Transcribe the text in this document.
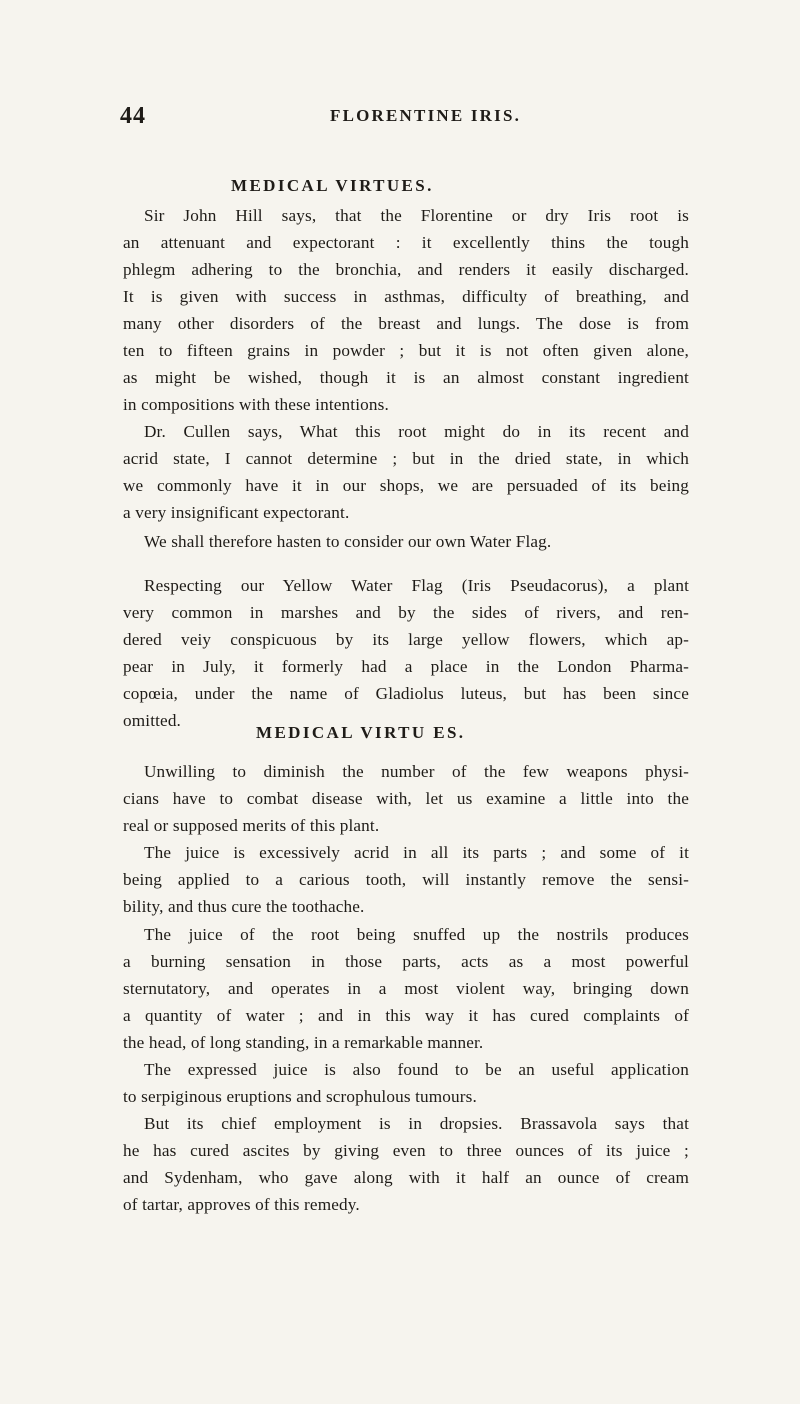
44	FLORENTINE IRIS.
MEDICAL VIRTUES.
Sir John Hill says, that the Florentine or dry Iris root is
an attenuant and expectorant : it excellently thins the tough
phlegm adhering to the bronchia, and renders it easily discharged.
It is given with success in asthmas, difficulty of breathing, and
many other disorders of the breast and lungs. The dose is from
ten to fifteen grains in powder ; but it is not often given alone,
as might be wished, though it is an almost constant ingredient
in compositions with these intentions.
Dr. Cullen says, What this root might do in its recent and
acrid state, I cannot determine ; but in the dried state, in which
we commonly have it in our shops, we are persuaded of its being
a very insignificant expectorant.
We shall therefore hasten to consider our own Water Flag.
Respecting our Yellow Water Flag (Iris Pseudacorus), a plant
very common in marshes and by the sides of rivers, and ren-
dered veiy conspicuous by its large yellow flowers, which ap-
pear in July, it formerly had a place in the London Pharma-
copœia, under the name of Gladiolus luteus, but has been since
omitted.
MEDICAL VIRTU ES.
Unwilling to diminish the number of the few weapons physi-
cians have to combat disease with, let us examine a little into the
real or supposed merits of this plant.
The juice is excessively acrid in all its parts ; and some of it
being applied to a carious tooth, will instantly remove the sensi-
bility, and thus cure the toothache.
The juice of the root being snuffed up the nostrils produces
a burning sensation in those parts, acts as a most powerful
sternutatory, and operates in a most violent way, bringing down
a quantity of water ; and in this way it has cured complaints of
the head, of long standing, in a remarkable manner.
The expressed juice is also found to be an useful application
to serpiginous eruptions and scrophulous tumours.
But its chief employment is in dropsies. Brassavola says that
he has cured ascites by giving even to three ounces of its juice ;
and Sydenham, who gave along with it half an ounce of cream
of tartar, approves of this remedy.
